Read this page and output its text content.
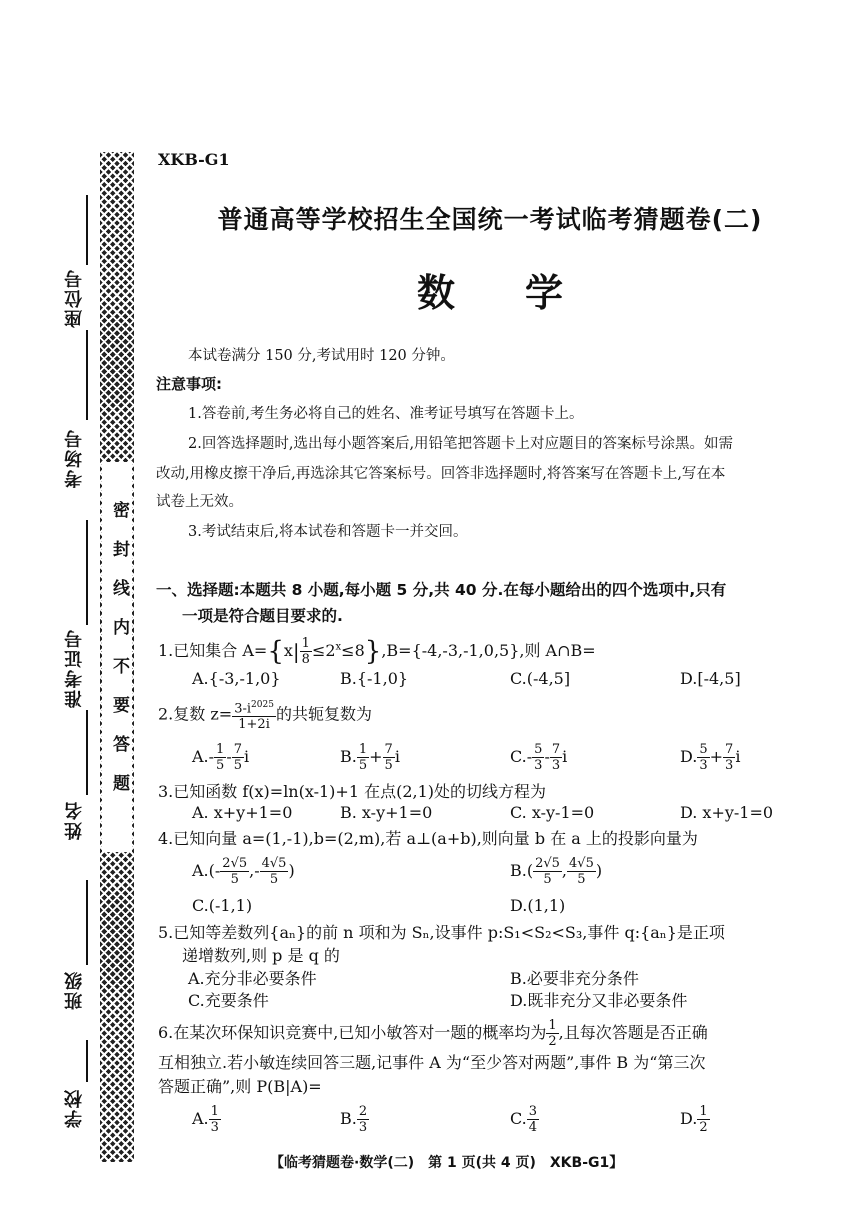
密封线内不要答题
座位号
考场号
准考证号
姓名
班级
学校
XKB-G1
普通高等学校招生全国统一考试临考猜题卷(二)
数学
本试卷满分 150 分,考试用时 120 分钟。
注意事项:
1.答卷前,考生务必将自己的姓名、准考证号填写在答题卡上。
2.回答选择题时,选出每小题答案后,用铅笔把答题卡上对应题目的答案标号涂黑。如需
改动,用橡皮擦干净后,再选涂其它答案标号。回答非选择题时,将答案写在答题卡上,写在本
试卷上无效。
3.考试结束后,将本试卷和答题卡一并交回。
一、选择题:本题共 8 小题,每小题 5 分,共 40 分.在每小题给出的四个选项中,只有
一项是符合题目要求的.
1.已知集合 $A=\{x| \frac{1}{8} \le 2^x\le 8\},B=\{-4,-3,-1,0,5\}$,则 A∩B=
A.{-3,-1,0}	B.{-1,0}	C.(-4,5]	D.[-4,5]
2.复数 $z= \frac{3-i^{2025}}{1+2i}$ 的共轭复数为
$A.- \frac{1}{5} - \frac{7}{5}$ i	B. $\frac{1}{5} + \frac{7}{5}$ i	$C.- \frac{5}{3} - \frac{7}{3}$ i	D. $\frac{5}{3} + \frac{7}{3}$ i
3.已知函数 f(x)=ln(x-1)+1 在点(2,1)处的切线方程为
A. x+y+1=0	B. x-y+1=0	C. x-y-1=0	D. x+y-1=0
4.已知向量 a=(1,-1),b=(2,m),若 a⊥(a+b),则向量 b 在 a 上的投影向量为
$A.(- \frac{2√5}{5}$ ,- $\frac{4√5}{5}$ )	$B.( \frac{2√5}{5}$ , $\frac{4√5}{5}$ )
C.(-1,1)	D.(1,1)
5.已知等差数列{aₙ}的前 n 项和为 Sₙ,设事件 p:S₁<S₂<S₃,事件 q:{aₙ}是正项
递增数列,则 p 是 q 的
A.充分非必要条件	B.必要非充分条件
C.充要条件	D.既非充分又非必要条件
6.在某次环保知识竞赛中,已知小敏答对一题的概率均为 $\frac{1}{2}$ ,且每次答题是否正确
互相独立.若小敏连续回答三题,记事件 A 为“至少答对两题”,事件 B 为“第三次
答题正确”,则 P(B|A)=
A. $\frac{1}{3}$	B. $\frac{2}{3}$	C. $\frac{3}{4}$	D. $\frac{1}{2}$
【临考猜题卷·数学(二)　第 1 页(共 4 页)　XKB-G1】
